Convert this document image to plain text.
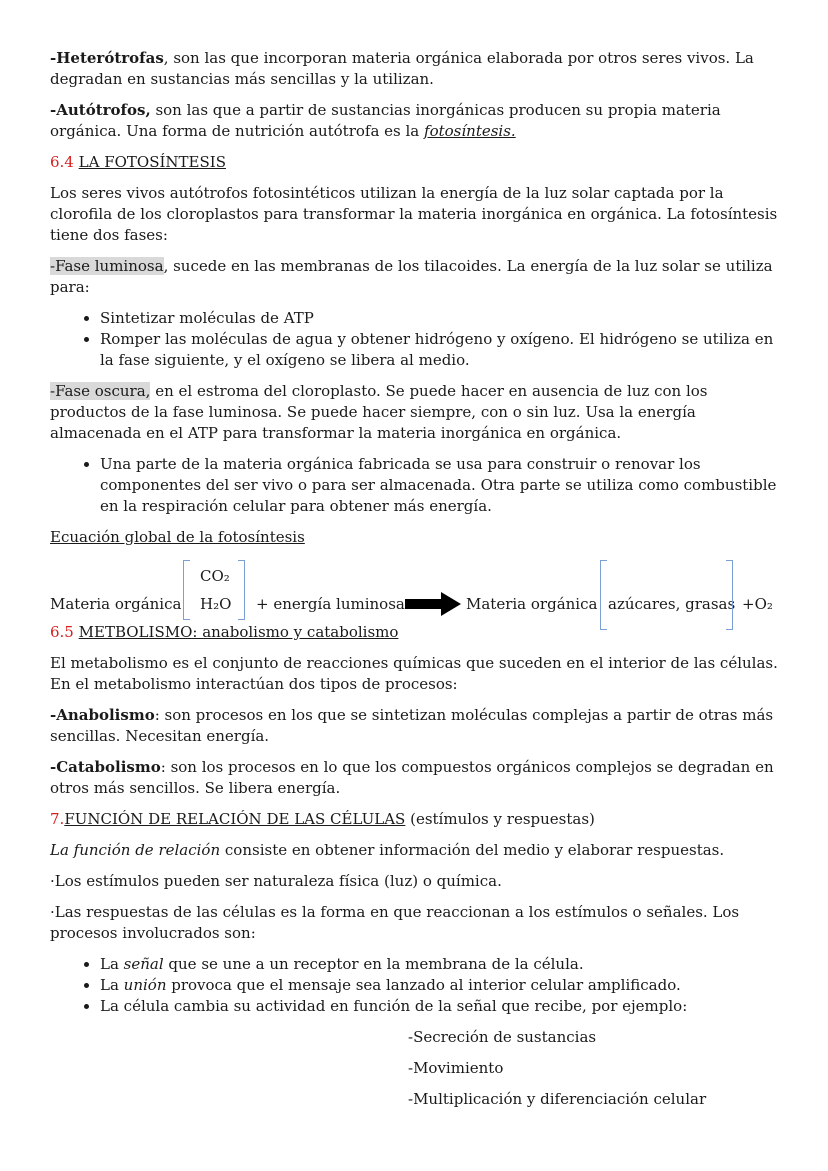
-Heterótrofas, son las que incorporan materia orgánica elaborada por otros seres vivos. La degradan en sustancias más sencillas y la utilizan.

-Autótrofos, son las que a partir de sustancias inorgánicas producen su propia materia orgánica. Una forma de nutrición autótrofa es la fotosíntesis.

6.4 LA FOTOSÍNTESIS

Los seres vivos autótrofos fotosintéticos utilizan la energía de la luz solar captada por la clorofila de los cloroplastos para transformar la materia inorgánica en orgánica. La fotosíntesis tiene dos fases:

-Fase luminosa, sucede en las membranas de los tilacoides. La energía de la luz solar se utiliza para:

• Sintetizar moléculas de ATP
• Romper las moléculas de agua y obtener hidrógeno y oxígeno. El hidrógeno se utiliza en la fase siguiente, y el oxígeno se libera al medio.

-Fase oscura, en el estroma del cloroplasto. Se puede hacer en ausencia de luz con los productos de la fase luminosa. Se puede hacer siempre, con o sin luz. Usa la energía almacenada en el ATP para transformar la materia inorgánica en orgánica.

• Una parte de la materia orgánica fabricada se usa para construir o renovar los componentes del ser vivo o para ser almacenada. Otra parte se utiliza como combustible en la respiración celular para obtener más energía.

Ecuación global de la fotosíntesis

Materia orgánica
CO₂
H₂O + energía luminosa	Materia orgánica azúcares, grasas +O₂

6.5 METBOLISMO: anabolismo y catabolismo

El metabolismo es el conjunto de reacciones químicas que suceden en el interior de las células. En el metabolismo interactúan dos tipos de procesos:

-Anabolismo: son procesos en los que se sintetizan moléculas complejas a partir de otras más sencillas. Necesitan energía.

-Catabolismo: son los procesos en lo que los compuestos orgánicos complejos se degradan en otros más sencillos. Se libera energía.

7.FUNCIÓN DE RELACIÓN DE LAS CÉLULAS (estímulos y respuestas)

La función de relación consiste en obtener información del medio y elaborar respuestas.

·Los estímulos pueden ser naturaleza física (luz) o química.

·Las respuestas de las células es la forma en que reaccionan a los estímulos o señales. Los procesos involucrados son:

• La señal que se une a un receptor en la membrana de la célula.
• La unión provoca que el mensaje sea lanzado al interior celular amplificado.
• La célula cambia su actividad en función de la señal que recibe, por ejemplo:

-Secreción de sustancias

-Movimiento

-Multiplicación y diferenciación celular
